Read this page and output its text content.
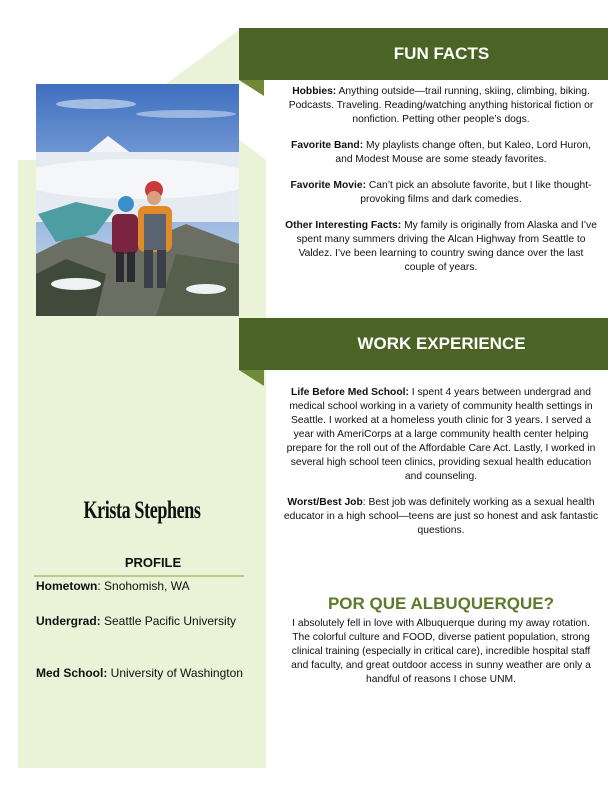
FUN FACTS

Hobbies: Anything outside—trail running, skiing, climbing, biking. Podcasts. Traveling. Reading/watching anything historical fiction or nonfiction. Petting other people’s dogs.

Favorite Band: My playlists change often, but Kaleo, Lord Huron, and Modest Mouse are some steady favorites.

Favorite Movie: Can’t pick an absolute favorite, but I like thought-provoking films and dark comedies.

Other Interesting Facts: My family is originally from Alaska and I’ve spent many summers driving the Alcan Highway from Seattle to Valdez. I’ve been learning to country swing dance over the last couple of years.

WORK EXPERIENCE

Life Before Med School: I spent 4 years between undergrad and medical school working in a variety of community health settings in Seattle. I worked at a homeless youth clinic for 3 years. I served a year with AmeriCorps at a large community health center helping prepare for the roll out of the Affordable Care Act. Lastly, I worked in several high school teen clinics, providing sexual health education and counseling.

Worst/Best Job: Best job was definitely working as a sexual health educator in a high school—teens are just so honest and ask fantastic questions.

POR QUE ALBUQUERQUE?

I absolutely fell in love with Albuquerque during my away rotation. The colorful culture and FOOD, diverse patient population, strong clinical training (especially in critical care), incredible hospital staff and faculty, and great outdoor access in sunny weather are only a handful of reasons I chose UNM.

Krista Stephens
PROFILE
Hometown: Snohomish, WA
Undergrad: Seattle Pacific University
Med School: University of Washington
